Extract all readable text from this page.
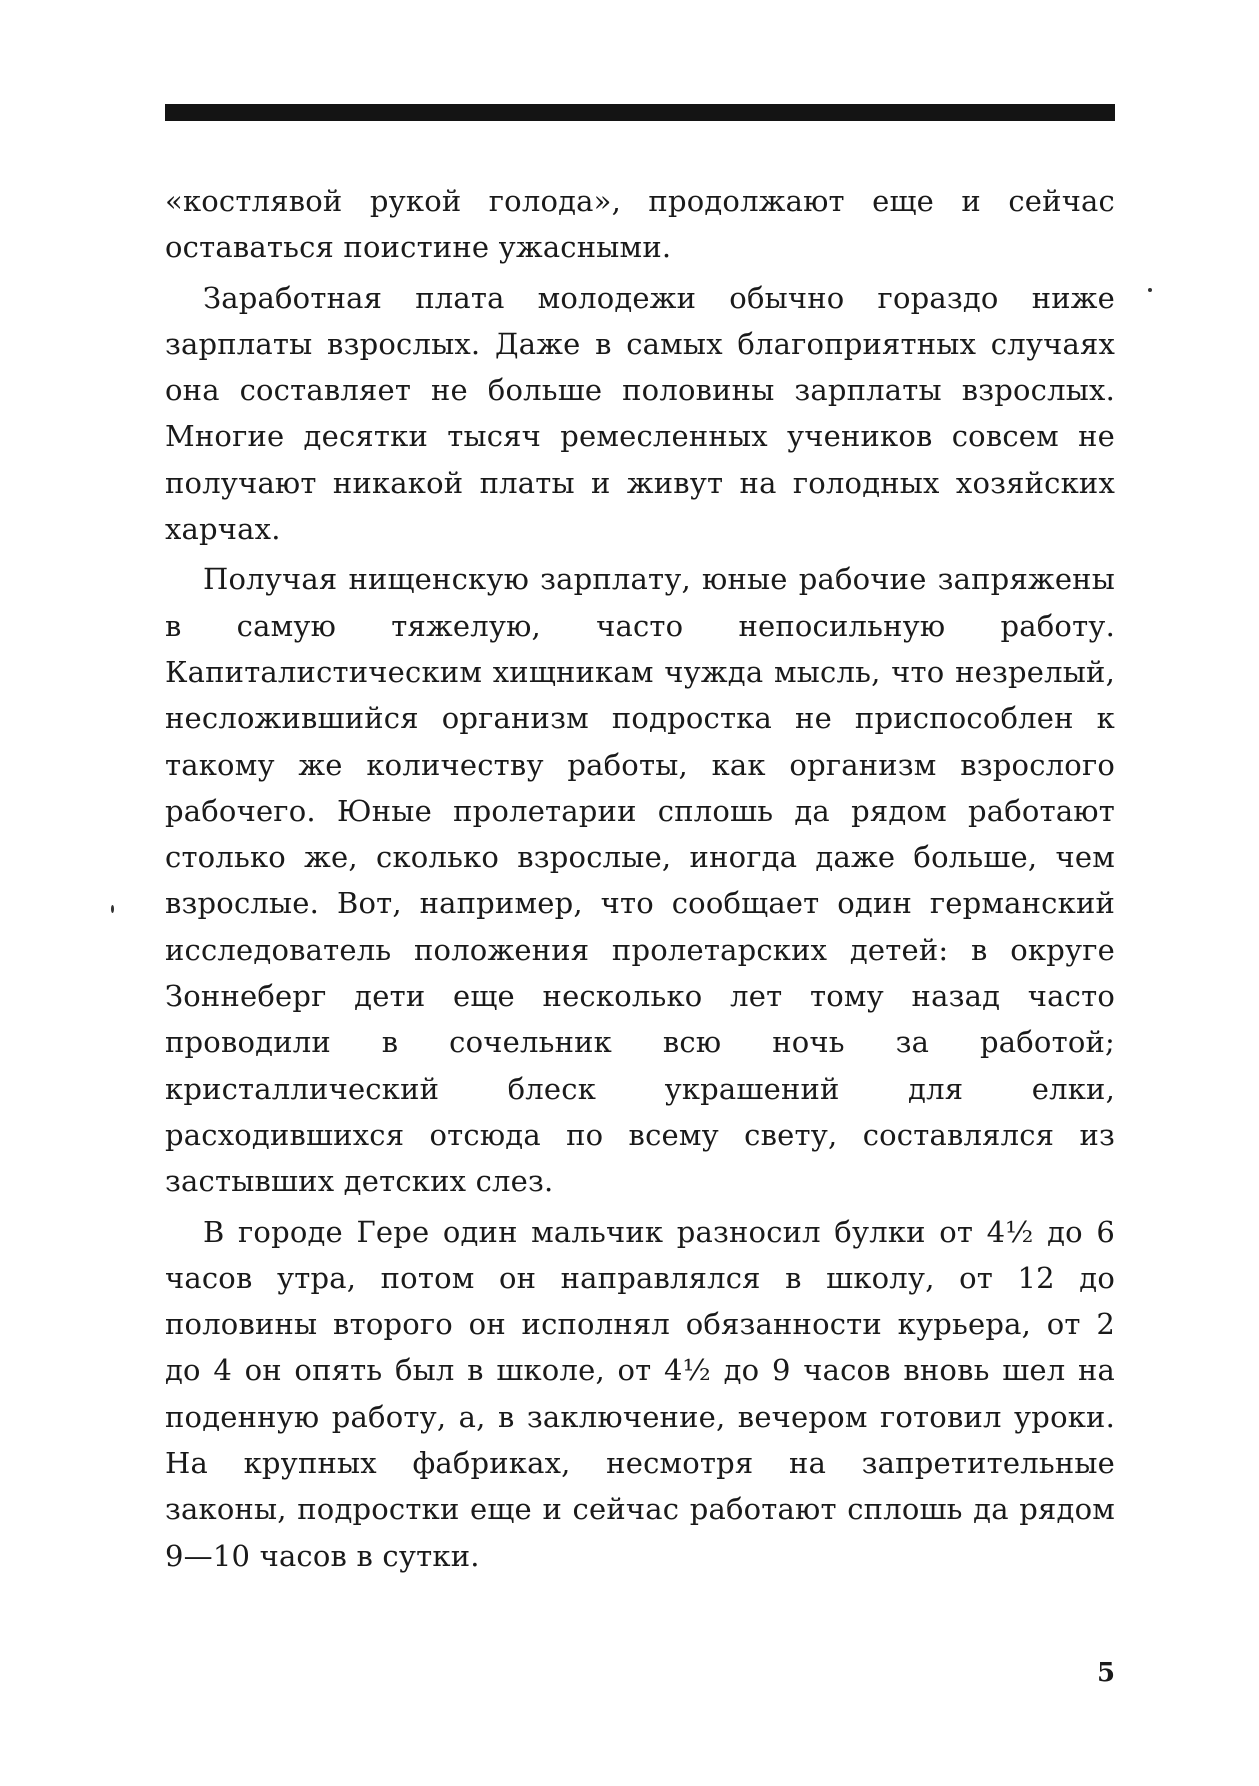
«костлявой рукой голода», продолжают еще и сейчас оставаться поистине ужасными.

Заработная плата молодежи обычно гораздо ниже зарплаты взрослых. Даже в самых благоприятных случаях она составляет не больше половины зарплаты взрослых. Многие десятки тысяч ремесленных учеников совсем не получают никакой платы и живут на голодных хозяйских харчах.

Получая нищенскую зарплату, юные рабочие запряжены в самую тяжелую, часто непосильную работу. Капиталистическим хищникам чужда мысль, что незрелый, несложившийся организм подростка не приспособлен к такому же количеству работы, как организм взрослого рабочего. Юные пролетарии сплошь да рядом работают столько же, сколько взрослые, иногда даже больше, чем взрослые. Вот, например, что сообщает один германский исследователь положения пролетарских детей: в округе Зоннеберг дети еще несколько лет тому назад часто проводили в сочельник всю ночь за работой; кристаллический блеск украшений для елки, расходившихся отсюда по всему свету, составлялся из застывших детских слез.

В городе Гере один мальчик разносил булки от 4½ до 6 часов утра, потом он направлялся в школу, от 12 до половины второго он исполнял обязанности курьера, от 2 до 4 он опять был в школе, от 4½ до 9 часов вновь шел на поденную работу, а, в заключение, вечером готовил уроки. На крупных фабриках, несмотря на запретительные законы, подростки еще и сейчас работают сплошь да рядом 9—10 часов в сутки.

5
